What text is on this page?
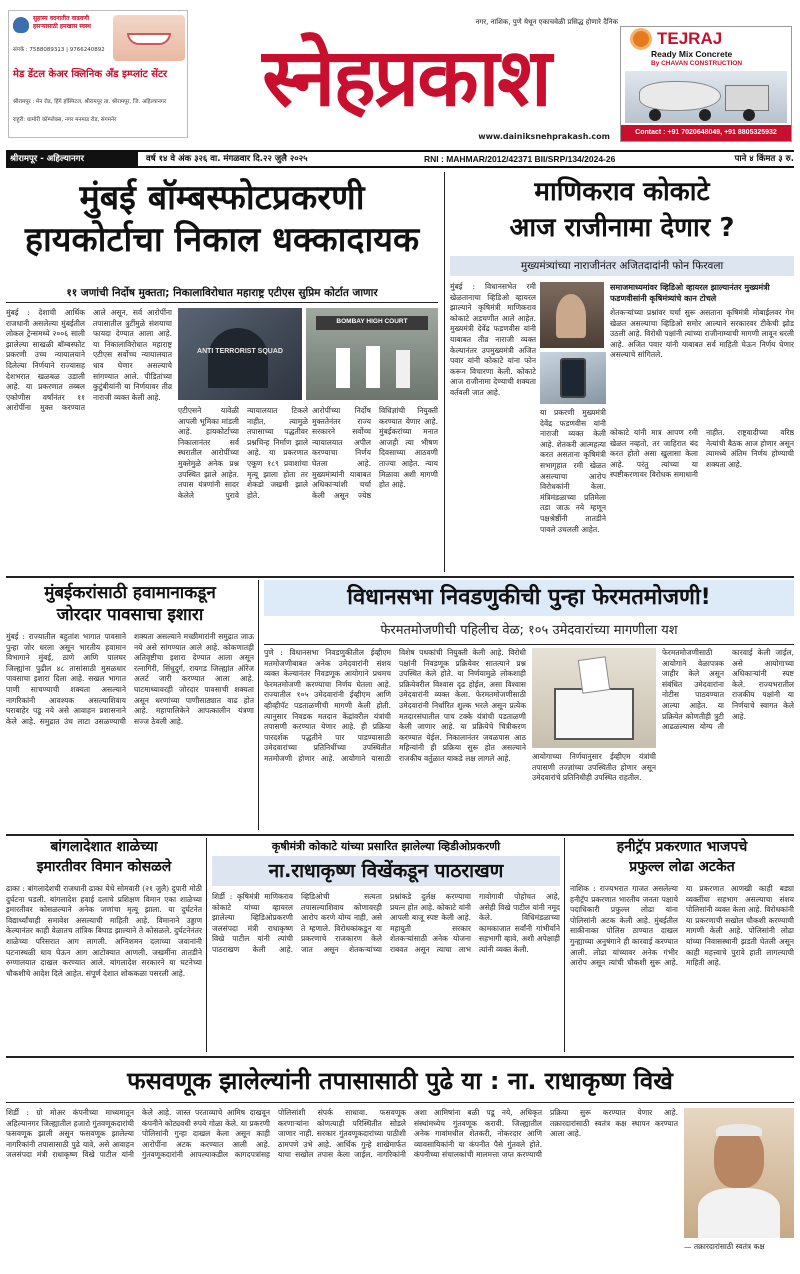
सुहास्य वदनातीत वाढवणी हसऱ्यासाठी हमखास स्वस्थ
संपर्क : 7588089313 | 9766240892
मेड डेंटल केअर क्लिनिक अँड इम्प्लांट सेंटर
श्रीरामपूर : मेन रोड, हिंगे हॉस्पिटल, श्रीरामपूर ता. श्रीरामपूर, जि. अहिल्यानगर
राहुरी: धामोरी कॉम्प्लेक्स, नगर मनमाड रोड, संगमनेर
नगर, नाशिक, पुणे येथून एकाचवेळी प्रसिद्ध होणारे दैनिक
स्नेहप्रकाश
www.dainiksnehprakash.com
TEJRAJ
Ready Mix Concrete
By CHAVAN CONSTRUCTION
Contact : +91 7020648049, +91 8805325932
श्रीरामपूर - अहिल्यानगर	वर्ष १४ वे अंक ३२६ वा. मंगळवार दि.२२ जुलै २०२५	RNI : MAHMAR/2012/42371 BII/SRP/134/2024-26	पाने ४ किंमत ३ रु.
मुंबई बॉम्बस्फोटप्रकरणी
हायकोर्टाचा निकाल धक्कादायक
११ जणांची निर्दोष मुक्तता; निकालाविरोधात महाराष्ट्र एटीएस सुप्रिम कोर्टात जाणार
मुंबई : देशाची आर्थिक राजधानी असलेल्या मुंबईतील लोकल ट्रेन्समध्ये २००६ साली झालेल्या साखळी बॉम्बस्फोट प्रकरणी उच्च न्यायालयाने दिलेल्या निर्णयाने राज्यासह देशभरात खळबळ उडाली आहे. या प्रकरणात तब्बल एकोणीस वर्षांनंतर ११ आरोपींना मुक्त करण्यात आले असून, सर्व आरोपींना तपासातील त्रुटींमुळे संशयाचा फायदा देण्यात आला आहे. या निकालाविरोधात महाराष्ट्र एटीएस सर्वोच्च न्यायालयात धाव घेणार असल्याचे सांगण्यात आले. पीडितांच्या कुटुंबीयांनी या निर्णयावर तीव्र नाराजी व्यक्त केली आहे.
ANTI TERRORIST SQUAD
BOMBAY HIGH COURT
एटीएसने यावेळी आपली भूमिका मांडली आहे. हायकोर्टाच्या निकालानंतर सर्व स्थरातील आरोपींच्या मुक्तेमुळे अनेक प्रश्न उपस्थित झाले आहेत. तपास यंत्रणांनी सादर केलेले पुरावे न्यायालयात टिकले नाहीत, त्यामुळे तपासाच्या पद्धतीवर प्रश्नचिन्ह निर्माण झाले आहे. या प्रकरणात एकूण १८९ प्रवाशांचा मृत्यू झाला होता तर शेकडो जखमी झाले होते.
आरोपींच्या निर्दोष मुक्ततेनंतर राज्य सरकारने सर्वोच्च न्यायालयात अपील करण्याचा निर्णय घेतला आहे. मुख्यमंत्र्यांनी याबाबत अधिकाऱ्यांशी चर्चा केली असून ज्येष्ठ विधिज्ञांची नियुक्ती करण्यात येणार आहे. मुंबईकरांच्या मनात आजही त्या भीषण दिवसाच्या आठवणी ताज्या आहेत. न्याय मिळावा अशी मागणी होत आहे.
माणिकराव कोकाटे
आज राजीनामा देणार ?
मुख्यमंत्र्यांच्या नाराजीनंतर अजितदादांनी फोन फिरवला
मुंबई : विधानसभेत रमी खेळतानाचा व्हिडिओ व्हायरल झाल्याने कृषिमंत्री माणिकराव कोकाटे अडचणीत आले आहेत. मुख्यमंत्री देवेंद्र फडणवीस यांनी याबाबत तीव्र नाराजी व्यक्त केल्यानंतर उपमुख्यमंत्री अजित पवार यांनी कोकाटे यांना फोन करून विचारणा केली. कोकाटे आज राजीनामा देण्याची शक्यता वर्तवली जात आहे.
समाजमाध्यमांवर व्हिडिओ व्हायरल झाल्यानंतर मुख्यमंत्री फडणवीसांनी कृषिमंत्र्यांचे कान टोचले
शेतकऱ्यांच्या प्रश्नांवर चर्चा सुरू असताना कृषिमंत्री मोबाईलवर गेम खेळत असल्याचा व्हिडिओ समोर आल्याने सरकारवर टीकेची झोड उठली आहे. विरोधी पक्षांनी त्यांच्या राजीनाम्याची मागणी लावून धरली आहे. अजित पवार यांनी याबाबत सर्व माहिती घेऊन निर्णय घेणार असल्याचे सांगितले.
या प्रकरणी मुख्यमंत्री देवेंद्र फडणवीस यांनी नाराजी व्यक्त केली आहे. शेतकरी आत्महत्या करत असताना कृषिमंत्री सभागृहात रमी खेळत असल्याचा आरोप विरोधकांनी केला. मंत्रिमंडळाच्या प्रतिमेला तडा जाऊ नये म्हणून पक्षश्रेष्ठींनी तातडीने पावले उचलली आहेत.
कोकाटे यांनी मात्र आपण रमी खेळत नव्हतो, तर जाहिरात बंद करत होतो असा खुलासा केला आहे. परंतु त्यांच्या या स्पष्टीकरणावर विरोधक समाधानी नाहीत. राष्ट्रवादीच्या वरिष्ठ नेत्यांची बैठक आज होणार असून त्यामध्ये अंतिम निर्णय होण्याची शक्यता आहे.
मुंबईकरांसाठी हवामानाकडून
जोरदार पावसाचा इशारा
मुंबई : राज्यातील बहुतांश भागात पावसाने पुन्हा जोर धरला असून भारतीय हवामान विभागाने मुंबई, ठाणे आणि पालघर जिल्ह्यांना पुढील ४८ तासांसाठी मुसळधार पावसाचा इशारा दिला आहे. सखल भागात पाणी साचण्याची शक्यता असल्याने नागरिकांनी आवश्यक असल्याशिवाय घराबाहेर पडू नये असे आवाहन प्रशासनाने केले आहे. समुद्रात उंच लाटा उसळण्याची शक्यता असल्याने मच्छीमारांनी समुद्रात जाऊ नये असे सांगण्यात आले आहे. कोकणातही अतिवृष्टीचा इशारा देण्यात आला असून रत्नागिरी, सिंधुदुर्ग, रायगड जिल्ह्यांत ऑरेंज अलर्ट जारी करण्यात आला आहे. घाटमाथ्यावरही जोरदार पावसाची शक्यता असून धरणांच्या पाणीसाठ्यात वाढ होत आहे. महापालिकेने आपत्कालीन यंत्रणा सज्ज ठेवली आहे.
विधानसभा निवडणुकीची पुन्हा फेरमतमोजणी!
फेरमतमोजणीची पहिलीच वेळ; १०५ उमेदवारांच्या मागणीला यश
पुणे : विधानसभा निवडणुकीतील ईव्हीएम मतमोजणीबाबत अनेक उमेदवारांनी संशय व्यक्त केल्यानंतर निवडणूक आयोगाने प्रथमच फेरमतमोजणी करण्याचा निर्णय घेतला आहे. राज्यातील १०५ उमेदवारांनी ईव्हीएम आणि व्हीव्हीपॅट पडताळणीची मागणी केली होती. त्यानुसार निवडक मतदान केंद्रांवरील यंत्रांची तपासणी करण्यात येणार आहे. ही प्रक्रिया पारदर्शक पद्धतीने पार पाडण्यासाठी उमेदवारांच्या प्रतिनिधींच्या उपस्थितीत मतमोजणी होणार आहे. आयोगाने यासाठी विशेष पथकांची नियुक्ती केली आहे. विरोधी पक्षांनी निवडणूक प्रक्रियेवर सातत्याने प्रश्न उपस्थित केले होते. या निर्णयामुळे लोकशाही प्रक्रियेवरील विश्वास दृढ होईल, असा विश्वास उमेदवारांनी व्यक्त केला. फेरमतमोजणीसाठी उमेदवारांनी निर्धारित शुल्क भरले असून प्रत्येक मतदारसंघातील पाच टक्के यंत्रांची पडताळणी केली जाणार आहे. या प्रक्रियेचे चित्रीकरण करण्यात येईल. निकालानंतर जवळपास आठ महिन्यांनी ही प्रक्रिया सुरू होत असल्याने राजकीय वर्तुळात याकडे लक्ष लागले आहे.
फेरमतमोजणीसाठी आयोगाने वेळापत्रक जाहीर केले असून संबंधित उमेदवारांना नोटीस पाठवण्यात आल्या आहेत. या प्रक्रियेत कोणतीही त्रुटी आढळल्यास योग्य ती कारवाई केली जाईल, असे आयोगाच्या अधिकाऱ्यांनी स्पष्ट केले. राज्यभरातील राजकीय पक्षांनी या निर्णयाचे स्वागत केले आहे.
आयोगाच्या निर्णयानुसार ईव्हीएम यंत्रांची तपासणी तज्ज्ञांच्या उपस्थितीत होणार असून उमेदवारांचे प्रतिनिधीही उपस्थित राहतील.
बांगलादेशात शाळेच्या
इमारतीवर विमान कोसळले
ढाका : बांगलादेशची राजधानी ढाका येथे सोमवारी (२१ जुलै) दुपारी मोठी दुर्घटना घडली. बांगलादेश हवाई दलाचे प्रशिक्षण विमान एका शाळेच्या इमारतीवर कोसळल्याने अनेक जणांचा मृत्यू झाला. या दुर्घटनेत विद्यार्थ्यांचाही समावेश असल्याची माहिती आहे. विमानाने उड्डाण केल्यानंतर काही वेळातच तांत्रिक बिघाड झाल्याने ते कोसळले. दुर्घटनेनंतर शाळेच्या परिसरात आग लागली. अग्निशमन दलाच्या जवानांनी घटनास्थळी धाव घेऊन आग आटोक्यात आणली. जखमींना तातडीने रुग्णालयात दाखल करण्यात आले. बांगलादेश सरकारने या घटनेच्या चौकशीचे आदेश दिले आहेत. संपूर्ण देशात शोककळा पसरली आहे.
कृषीमंत्री कोकाटे यांच्या प्रसारित झालेल्या व्हिडीओप्रकरणी
ना.राधाकृष्ण विखेंकडून पाठराखण
शिर्डी : कृषिमंत्री माणिकराव कोकाटे यांच्या व्हायरल झालेल्या व्हिडिओप्रकरणी जलसंपदा मंत्री राधाकृष्ण विखे पाटील यांनी त्यांची पाठराखण केली आहे. व्हिडिओची सत्यता तपासल्याशिवाय कोणावरही आरोप करणे योग्य नाही, असे ते म्हणाले. विरोधकांकडून या प्रकरणाचे राजकारण केले जात असून शेतकऱ्यांच्या प्रश्नांकडे दुर्लक्ष करण्याचा प्रयत्न होत आहे. कोकाटे यांनी आपली बाजू स्पष्ट केली आहे. महायुती सरकार शेतकऱ्यांसाठी अनेक योजना राबवत असून त्याचा लाभ गावोगावी पोहोचत आहे, असेही विखे पाटील यांनी नमूद केले. विधिमंडळाच्या कामकाजात सर्वांनी गांभीर्याने सहभागी व्हावे, अशी अपेक्षाही त्यांनी व्यक्त केली.
हनीट्रॅप प्रकरणात भाजपचे
प्रफुल्ल लोढा अटकेत
नाशिक : राज्यभरात गाजत असलेल्या हनीट्रॅप प्रकरणात भारतीय जनता पक्षाचे पदाधिकारी प्रफुल्ल लोढा यांना पोलिसांनी अटक केली आहे. मुंबईतील साकीनाका पोलिस ठाण्यात दाखल गुन्ह्याच्या अनुषंगाने ही कारवाई करण्यात आली. लोढा यांच्यावर अनेक गंभीर आरोप असून त्यांची चौकशी सुरू आहे. या प्रकरणात आणखी काही बड्या व्यक्तींचा सहभाग असल्याचा संशय पोलिसांनी व्यक्त केला आहे. विरोधकांनी या प्रकरणाची सखोल चौकशी करण्याची मागणी केली आहे. पोलिसांनी लोढा यांच्या निवासस्थानी झडती घेतली असून काही महत्त्वाचे पुरावे हाती लागल्याची माहिती आहे.
फसवणूक झालेल्यांनी तपासासाठी पुढे या : ना. राधाकृष्ण विखे
शिर्डी : ग्रो मोअर कंपनीच्या माध्यमातून अहिल्यानगर जिल्ह्यातील हजारो गुंतवणूकदारांची फसवणूक झाली असून फसवणूक झालेल्या नागरिकांनी तपासासाठी पुढे यावे, असे आवाहन जलसंपदा मंत्री राधाकृष्ण विखे पाटील यांनी केले आहे. जास्त परताव्याचे आमिष दाखवून कंपनीने कोट्यवधी रुपये गोळा केले. या प्रकरणी पोलिसांनी गुन्हा दाखल केला असून काही आरोपींना अटक करण्यात आली आहे. गुंतवणूकदारांनी आपल्याकडील कागदपत्रांसह पोलिसांशी संपर्क साधावा. फसवणूक करणाऱ्यांना कोणत्याही परिस्थितीत सोडले जाणार नाही. सरकार गुंतवणूकदारांच्या पाठीशी ठामपणे उभे आहे. आर्थिक गुन्हे शाखेमार्फत याचा सखोल तपास केला जाईल. नागरिकांनी अशा आमिषांना बळी पडू नये, अधिकृत संस्थांमध्येच गुंतवणूक करावी. जिल्ह्यातील अनेक गावांमधील शेतकरी, नोकरदार आणि व्यावसायिकांनी या कंपनीत पैसे गुंतवले होते. कंपनीच्या संचालकांची मालमत्ता जप्त करण्याची प्रक्रिया सुरू करण्यात येणार आहे. तक्रारदारांसाठी स्वतंत्र कक्ष स्थापन करण्यात आला आहे.
— तक्रारदारांसाठी स्वतंत्र कक्ष
